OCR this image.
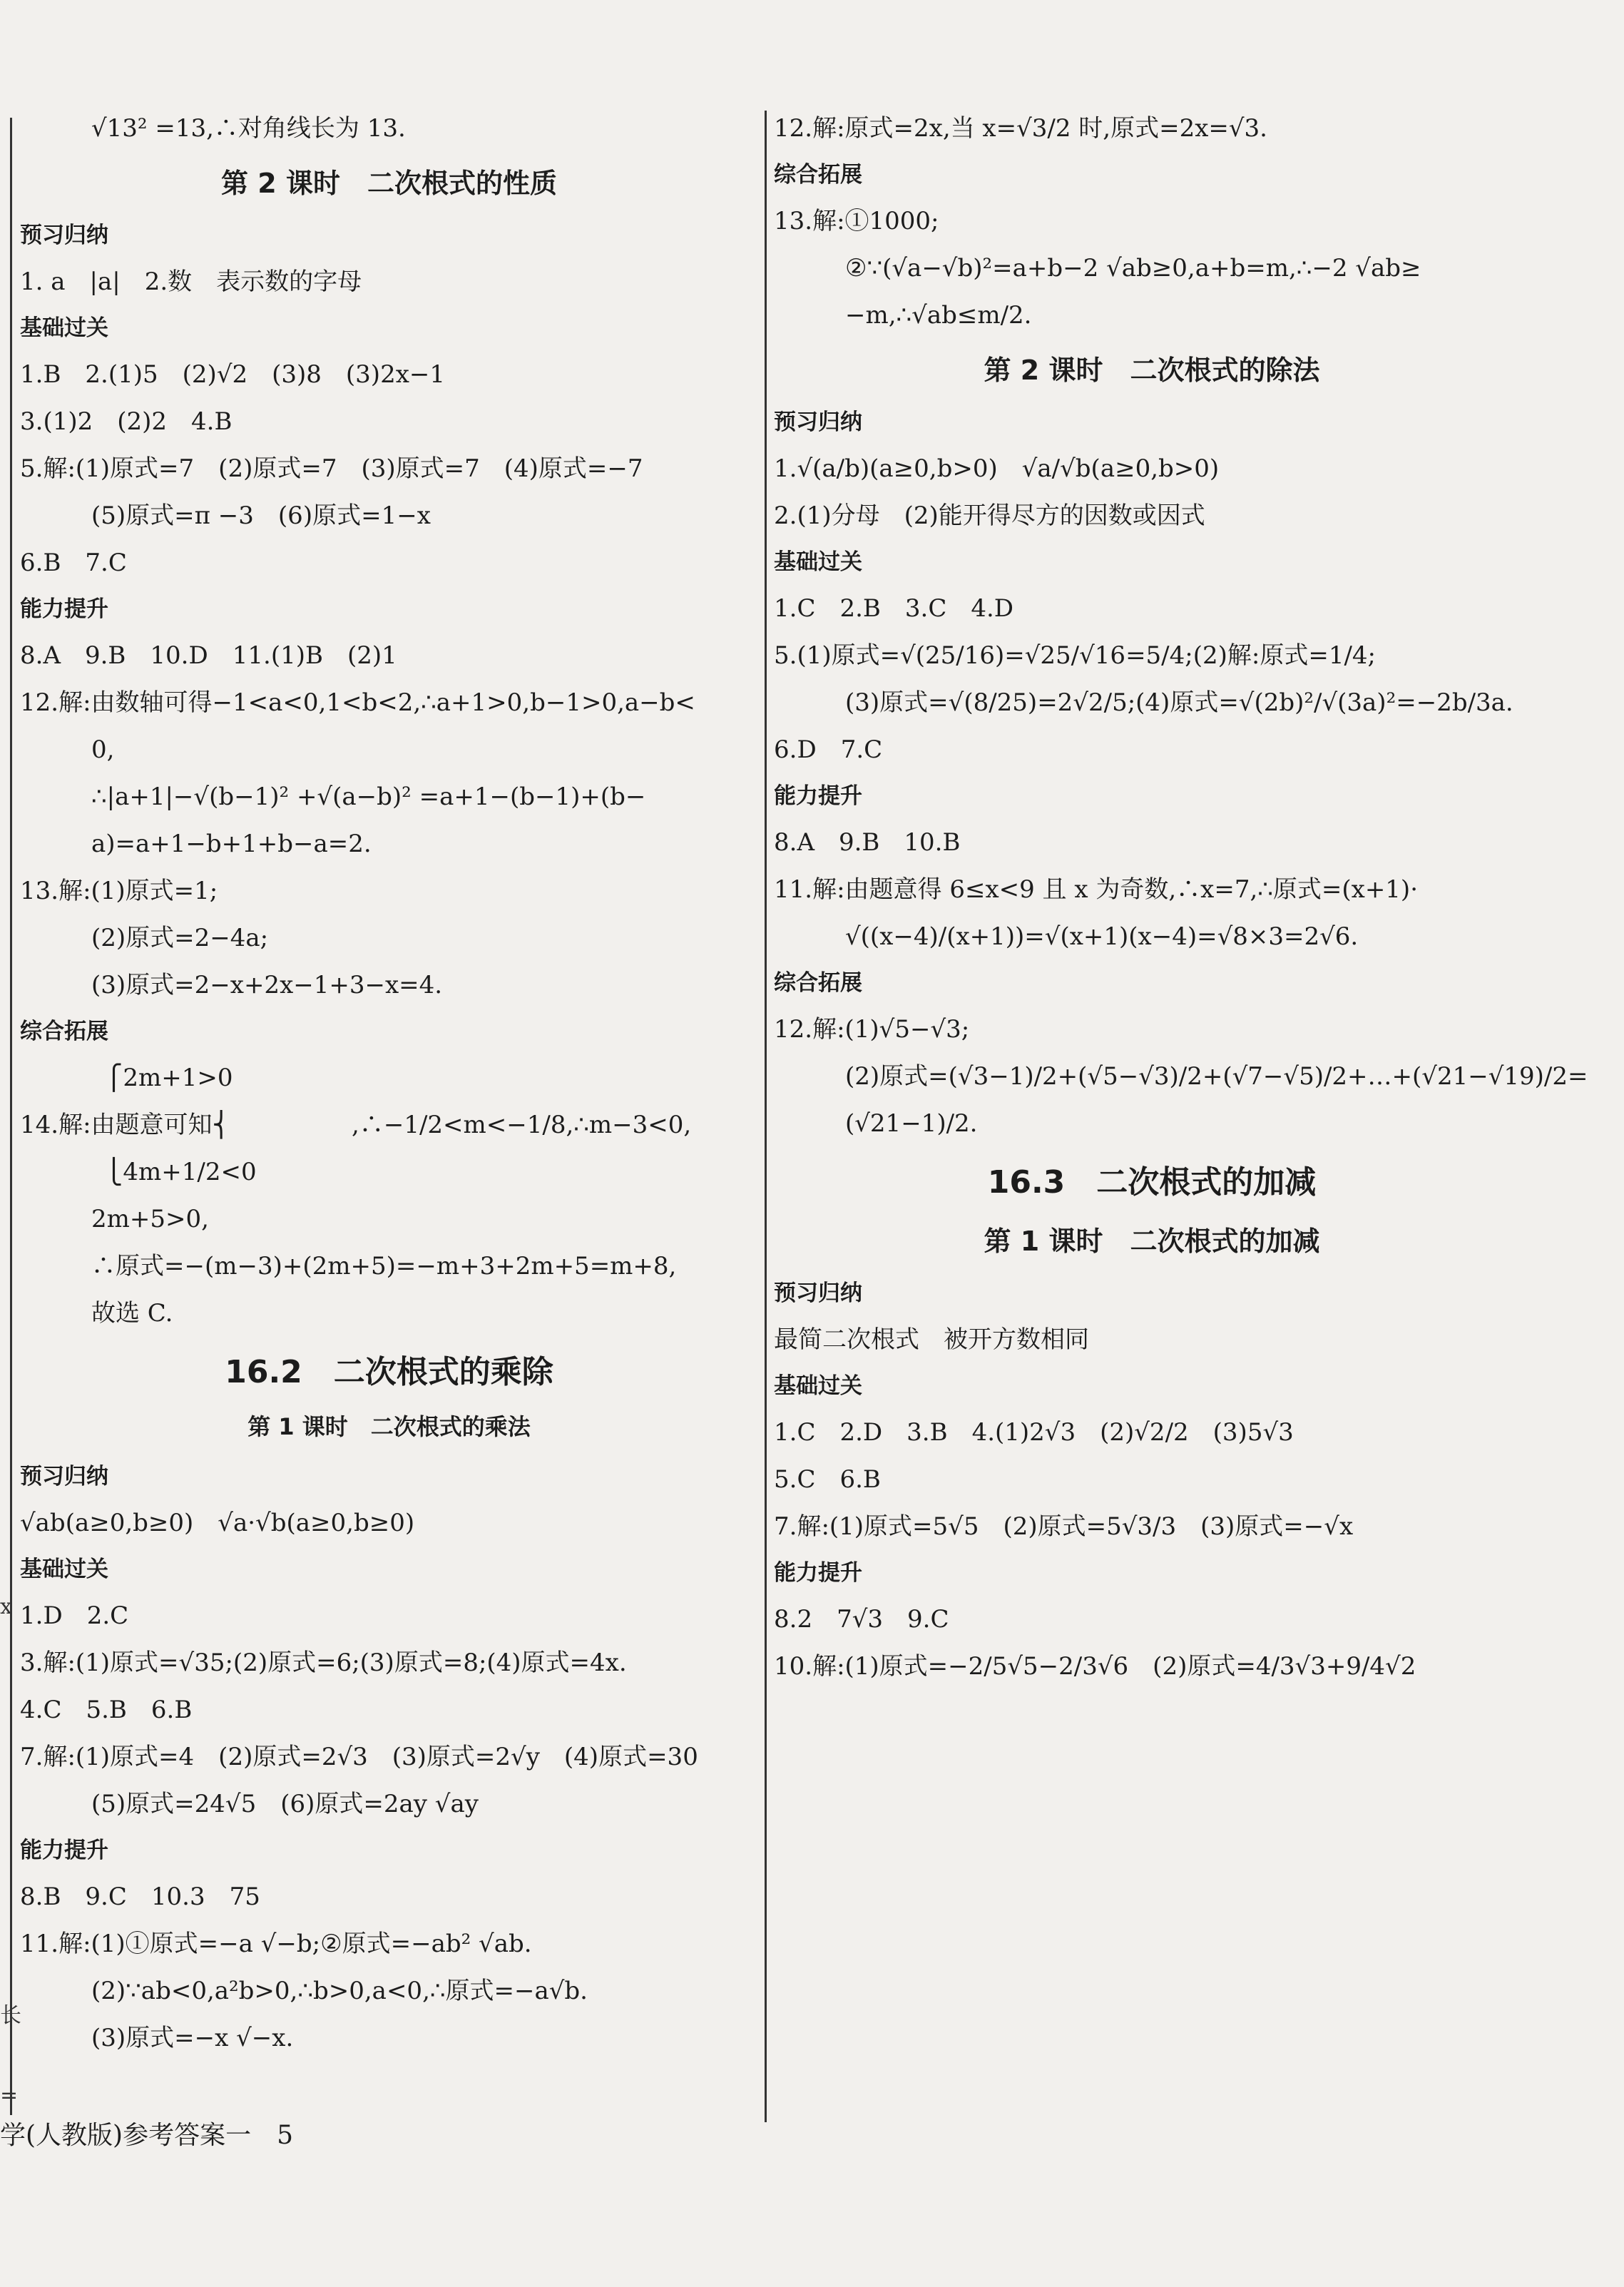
√13² =13,∴对角线长为 13.
第 2 课时　二次根式的性质
预习归纳
1. a　|a|　2.数　表示数的字母
基础过关
1.B　2.(1)5　(2)√2　(3)8　(3)2x−1
3.(1)2　(2)2　4.B
5.解:(1)原式=7　(2)原式=7　(3)原式=7　(4)原式=−7
(5)原式=π −3　(6)原式=1−x
6.B　7.C
能力提升
8.A　9.B　10.D　11.(1)B　(2)1
12.解:由数轴可得−1<a<0,1<b<2,∴a+1>0,b−1>0,a−b<
0,
∴|a+1|−√(b−1)² +√(a−b)² =a+1−(b−1)+(b−
a)=a+1−b+1+b−a=2.
13.解:(1)原式=1;
(2)原式=2−4a;
(3)原式=2−x+2x−1+3−x=4.
综合拓展
⎧2m+1>0
14.解:由题意可知⎨　　　　　,∴−1/2<m<−1/8,∴m−3<0,
⎩4m+1/2<0
2m+5>0,
∴原式=−(m−3)+(2m+5)=−m+3+2m+5=m+8,
故选 C.
16.2　二次根式的乘除
第 1 课时　二次根式的乘法
预习归纳
√ab(a≥0,b≥0)　√a·√b(a≥0,b≥0)
基础过关
1.D　2.C
3.解:(1)原式=√35;(2)原式=6;(3)原式=8;(4)原式=4x.
4.C　5.B　6.B
7.解:(1)原式=4　(2)原式=2√3　(3)原式=2√y　(4)原式=30
(5)原式=24√5　(6)原式=2ay √ay
能力提升
8.B　9.C　10.3　75
11.解:(1)①原式=−a √−b;②原式=−ab² √ab.
(2)∵ab<0,a²b>0,∴b>0,a<0,∴原式=−a√b.
(3)原式=−x √−x.
12.解:原式=2x,当 x=√3/2 时,原式=2x=√3.
综合拓展
13.解:①1000;
②∵(√a−√b)²=a+b−2 √ab≥0,a+b=m,∴−2 √ab≥
−m,∴√ab≤m/2.
第 2 课时　二次根式的除法
预习归纳
1.√(a/b)(a≥0,b>0)　√a/√b(a≥0,b>0)
2.(1)分母　(2)能开得尽方的因数或因式
基础过关
1.C　2.B　3.C　4.D
5.(1)原式=√(25/16)=√25/√16=5/4;(2)解:原式=1/4;
(3)原式=√(8/25)=2√2/5;(4)原式=√(2b)²/√(3a)²=−2b/3a.
6.D　7.C
能力提升
8.A　9.B　10.B
11.解:由题意得 6≤x<9 且 x 为奇数,∴x=7,∴原式=(x+1)·
√((x−4)/(x+1))=√(x+1)(x−4)=√8×3=2√6.
综合拓展
12.解:(1)√5−√3;
(2)原式=(√3−1)/2+(√5−√3)/2+(√7−√5)/2+…+(√21−√19)/2=
(√21−1)/2.
16.3　二次根式的加减
第 1 课时　二次根式的加减
预习归纳
最简二次根式　被开方数相同
基础过关
1.C　2.D　3.B　4.(1)2√3　(2)√2/2　(3)5√3
5.C　6.B
7.解:(1)原式=5√5　(2)原式=5√3/3　(3)原式=−√x
能力提升
8.2　7√3　9.C
10.解:(1)原式=−2/5√5−2/3√6　(2)原式=4/3√3+9/4√2
x
长
=
学(人教版)参考答案一　5
